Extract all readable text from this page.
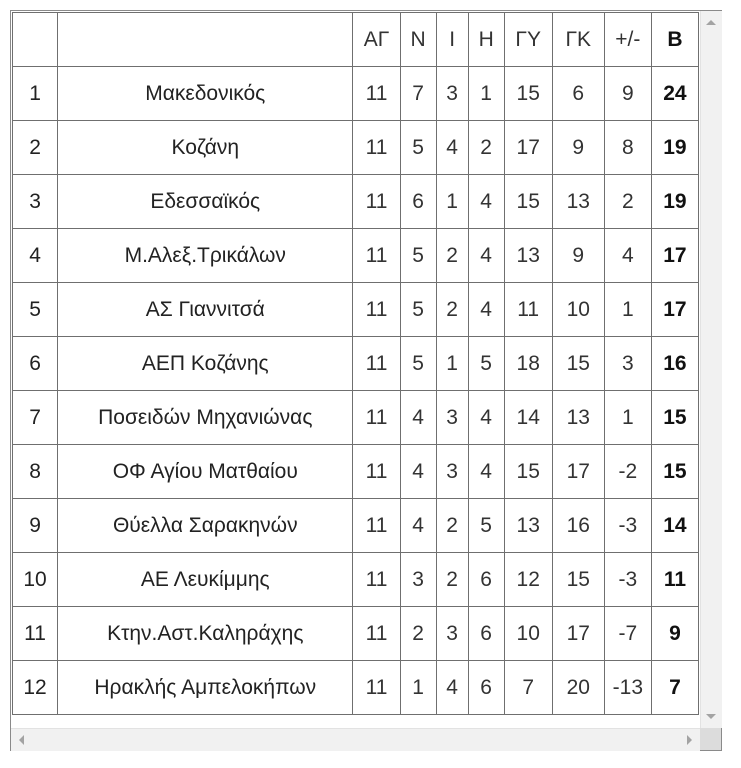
		ΑΓ	Ν	Ι	Η	ΓΥ	ΓΚ	+/-	Β
1	Μακεδονικός	11	7	3	1	15	6	9	24
2	Κοζάνη	11	5	4	2	17	9	8	19
3	Εδεσσαϊκός	11	6	1	4	15	13	2	19
4	Μ.Αλεξ.Τρικάλων	11	5	2	4	13	9	4	17
5	ΑΣ Γιαννιτσά	11	5	2	4	11	10	1	17
6	ΑΕΠ Κοζάνης	11	5	1	5	18	15	3	16
7	Ποσειδών Μηχανιώνας	11	4	3	4	14	13	1	15
8	ΟΦ Αγίου Ματθαίου	11	4	3	4	15	17	-2	15
9	Θύελλα Σαρακηνών	11	4	2	5	13	16	-3	14
10	ΑΕ Λευκίμμης	11	3	2	6	12	15	-3	11
11	Κτην.Αστ.Καληράχης	11	2	3	6	10	17	-7	9
12	Ηρακλής Αμπελοκήπων	11	1	4	6	7	20	-13	7
